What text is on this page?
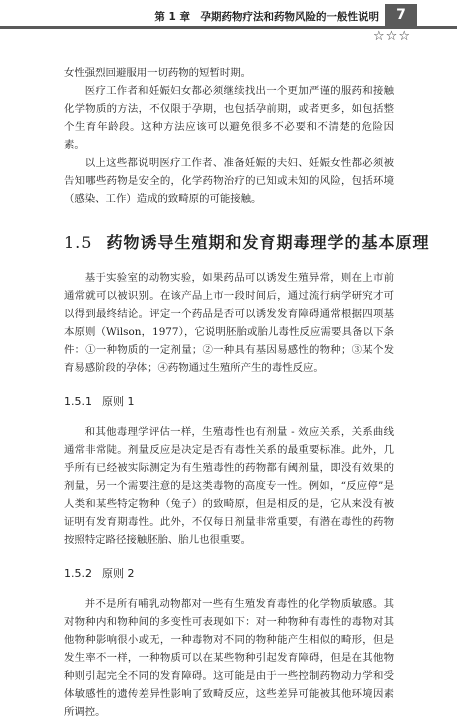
第 1 章　孕期药物疗法和药物风险的一般性说明 7
☆☆☆

女性强烈回避服用一切药物的短暂时期。

医疗工作者和妊娠妇女都必须继续找出一个更加严谨的服药和接触化学物质的方法，不仅限于孕期，也包括孕前期，或者更多，如包括整个生育年龄段。这种方法应该可以避免很多不必要和不清楚的危险因素。

以上这些都说明医疗工作者、准备妊娠的夫妇、妊娠女性都必须被告知哪些药物是安全的，化学药物治疗的已知或未知的风险，包括环境（感染、工作）造成的致畸原的可能接触。

1.5 药物诱导生殖期和发育期毒理学的基本原理

基于实验室的动物实验，如果药品可以诱发生殖异常，则在上市前通常就可以被识别。在该产品上市一段时间后，通过流行病学研究才可以得到最终结论。评定一个药品是否可以诱发发育障碍通常根据四项基本原则（Wilson，1977），它说明胚胎或胎儿毒性反应需要具备以下条件：①一种物质的一定剂量；②一种具有基因易感性的物种；③某个发育易感阶段的孕体；④药物通过生殖所产生的毒性反应。

1.5.1 原则 1

和其他毒理学评估一样，生殖毒性也有剂量 - 效应关系，关系曲线通常非常陡。剂量反应是决定是否有毒性关系的最重要标准。此外，几乎所有已经被实际测定为有生殖毒性的药物都有阈剂量，即没有效果的剂量，另一个需要注意的是这类毒物的高度专一性。例如，“反应停”是人类和某些特定物种（兔子）的致畸原，但是相反的是，它从来没有被证明有发育期毒性。此外，不仅每日剂量非常重要，有潜在毒性的药物按照特定路径接触胚胎、胎儿也很重要。

1.5.2 原则 2

并不是所有哺乳动物都对一些有生殖发育毒性的化学物质敏感。其对物种内和物种间的多变性可表现如下：对一种物种有毒性的毒物对其他物种影响很小或无，一种毒物对不同的物种能产生相似的畸形，但是发生率不一样，一种物质可以在某些物种引起发育障碍，但是在其他物种则引起完全不同的发育障碍。这可能是由于一些控制药物动力学和受体敏感性的遗传差异性影响了致畸反应，这些差异可能被其他环境因素所调控。
